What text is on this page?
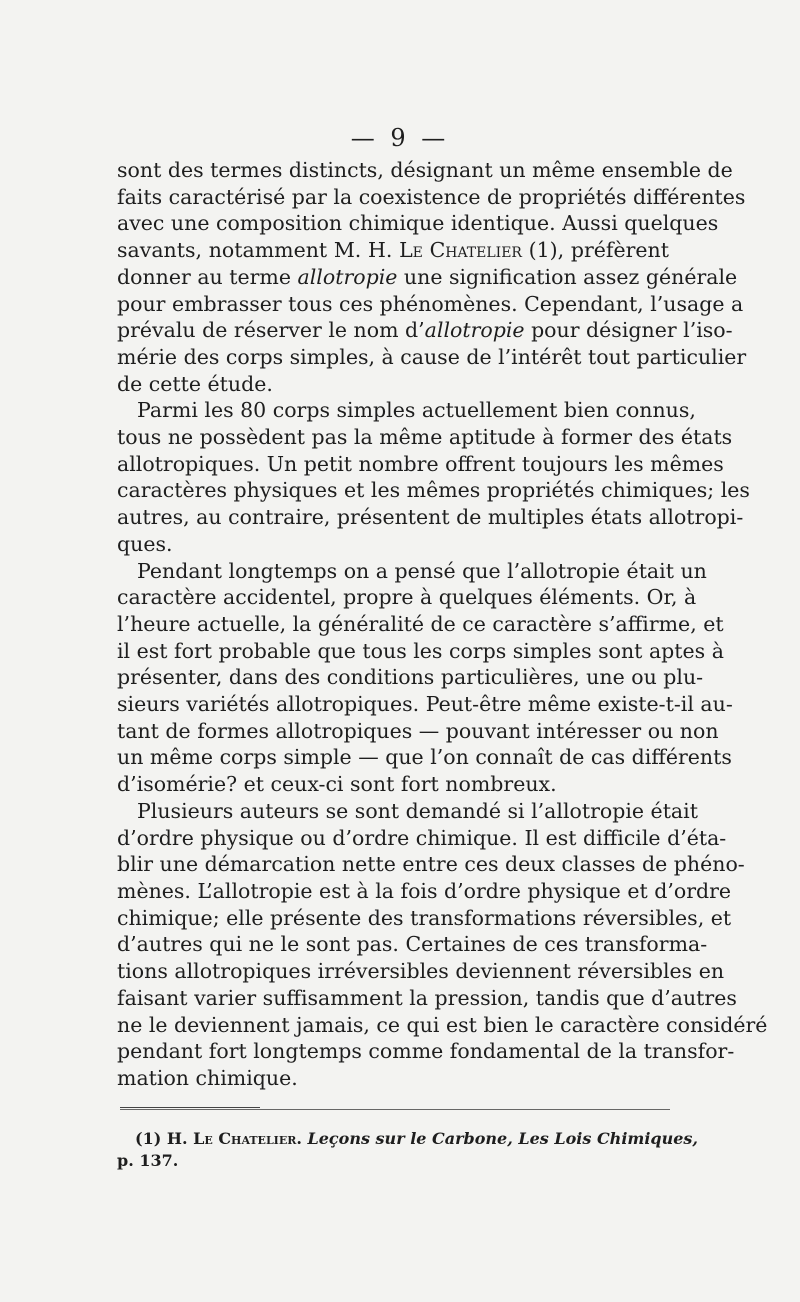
— 9 —

sont des termes distincts, désignant un même ensemble de
faits caractérisé par la coexistence de propriétés différentes
avec une composition chimique identique. Aussi quelques
savants, notamment M. H. Le Chatelier (1), préfèrent
donner au terme allotropie une signification assez générale
pour embrasser tous ces phénomènes. Cependant, l’usage a
prévalu de réserver le nom d’allotropie pour désigner l’iso-
mérie des corps simples, à cause de l’intérêt tout particulier
de cette étude.

Parmi les 80 corps simples actuellement bien connus,
tous ne possèdent pas la même aptitude à former des états
allotropiques. Un petit nombre offrent toujours les mêmes
caractères physiques et les mêmes propriétés chimiques; les
autres, au contraire, présentent de multiples états allotropi-
ques.

Pendant longtemps on a pensé que l’allotropie était un
caractère accidentel, propre à quelques éléments. Or, à
l’heure actuelle, la généralité de ce caractère s’affirme, et
il est fort probable que tous les corps simples sont aptes à
présenter, dans des conditions particulières, une ou plu-
sieurs variétés allotropiques. Peut-être même existe-t-il au-
tant de formes allotropiques — pouvant intéresser ou non
un même corps simple — que l’on connaît de cas différents
d’isomérie? et ceux-ci sont fort nombreux.

Plusieurs auteurs se sont demandé si l’allotropie était
d’ordre physique ou d’ordre chimique. Il est difficile d’éta-
blir une démarcation nette entre ces deux classes de phéno-
mènes. L’allotropie est à la fois d’ordre physique et d’ordre
chimique; elle présente des transformations réversibles, et
d’autres qui ne le sont pas. Certaines de ces transforma-
tions allotropiques irréversibles deviennent réversibles en
faisant varier suffisamment la pression, tandis que d’autres
ne le deviennent jamais, ce qui est bien le caractère considéré
pendant fort longtemps comme fondamental de la transfor-
mation chimique.

(1) H. Le Chatelier. Leçons sur le Carbone, Les Lois Chimiques,
p. 137.
